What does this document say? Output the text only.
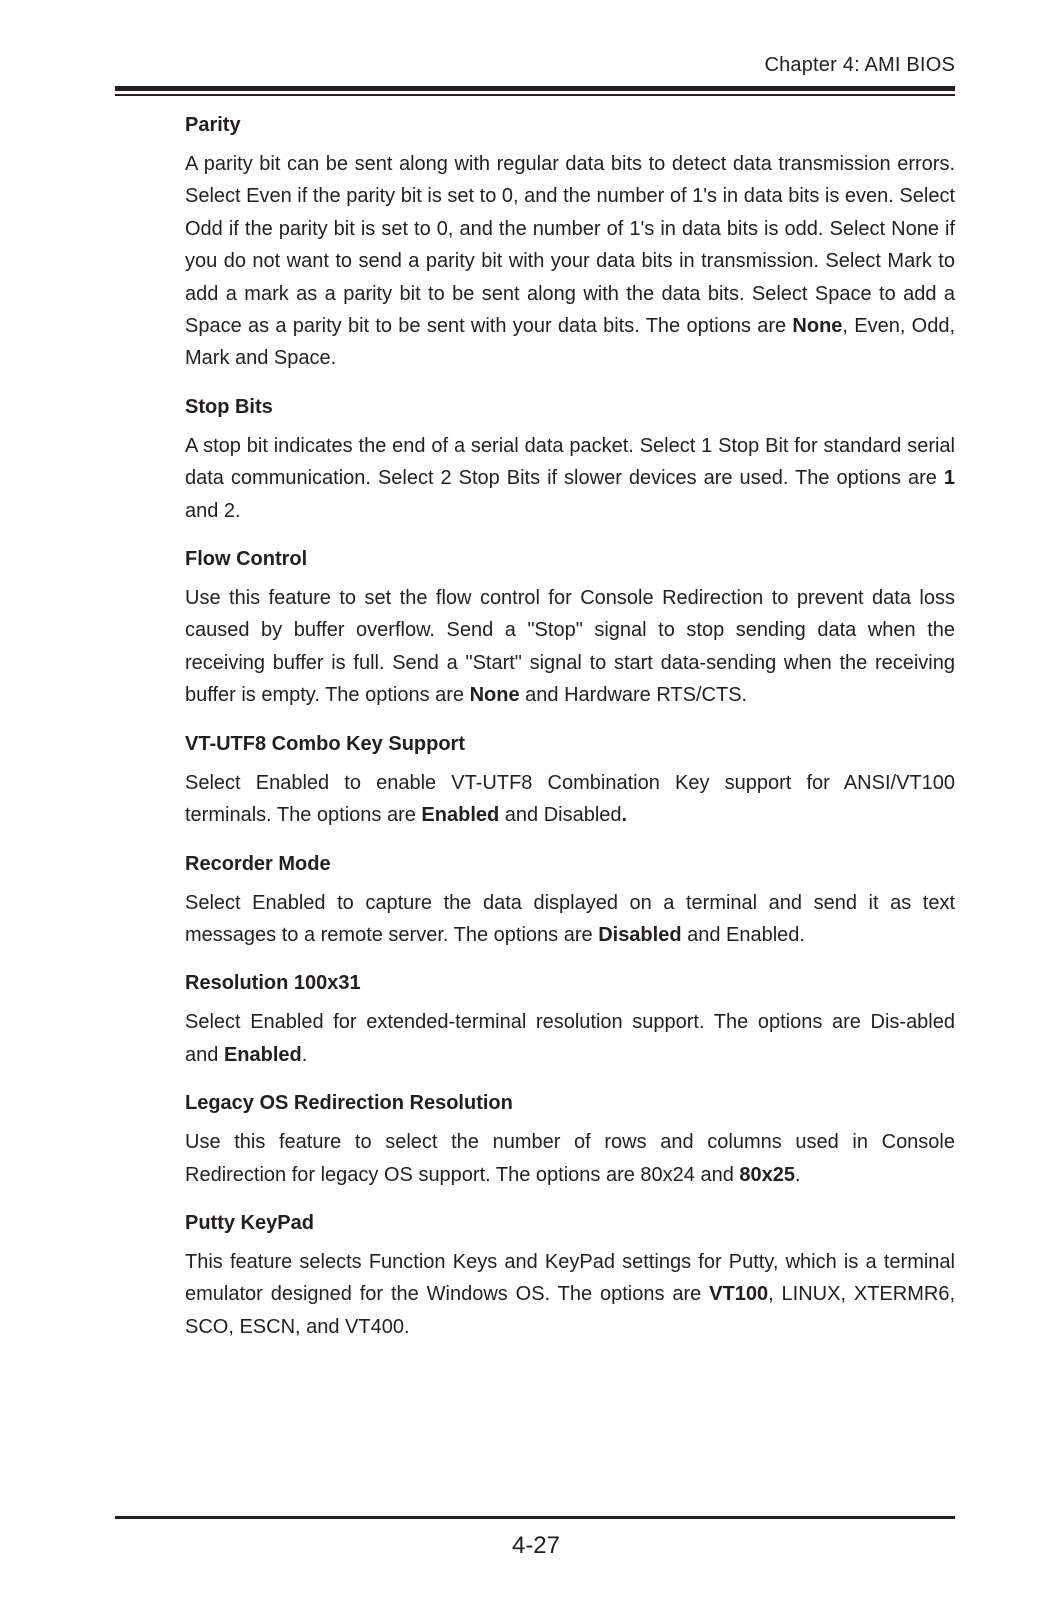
Chapter 4: AMI BIOS
Parity

A parity bit can be sent along with regular data bits to detect data transmission errors. Select Even if the parity bit is set to 0, and the number of 1's in data bits is even. Select Odd if the parity bit is set to 0, and the number of 1's in data bits is odd. Select None if you do not want to send a parity bit with your data bits in transmission. Select Mark to add a mark as a parity bit to be sent along with the data bits. Select Space to add a Space as a parity bit to be sent with your data bits. The options are None, Even, Odd, Mark and Space.

Stop Bits

A stop bit indicates the end of a serial data packet. Select 1 Stop Bit for standard serial data communication. Select 2 Stop Bits if slower devices are used. The options are 1 and 2.

Flow Control

Use this feature to set the flow control for Console Redirection to prevent data loss caused by buffer overflow. Send a "Stop" signal to stop sending data when the receiving buffer is full. Send a "Start" signal to start data-sending when the receiving buffer is empty. The options are None and Hardware RTS/CTS.

VT-UTF8 Combo Key Support

Select Enabled to enable VT-UTF8 Combination Key support for ANSI/VT100 terminals. The options are Enabled and Disabled.

Recorder Mode

Select Enabled to capture the data displayed on a terminal and send it as text messages to a remote server. The options are Disabled and Enabled.

Resolution 100x31

Select Enabled for extended-terminal resolution support. The options are Dis-abled and Enabled.

Legacy OS Redirection Resolution

Use this feature to select the number of rows and columns used in Console Redirection for legacy OS support. The options are 80x24 and 80x25.

Putty KeyPad

This feature selects Function Keys and KeyPad settings for Putty, which is a terminal emulator designed for the Windows OS. The options are VT100, LINUX, XTERMR6, SCO, ESCN, and VT400.

4-27
